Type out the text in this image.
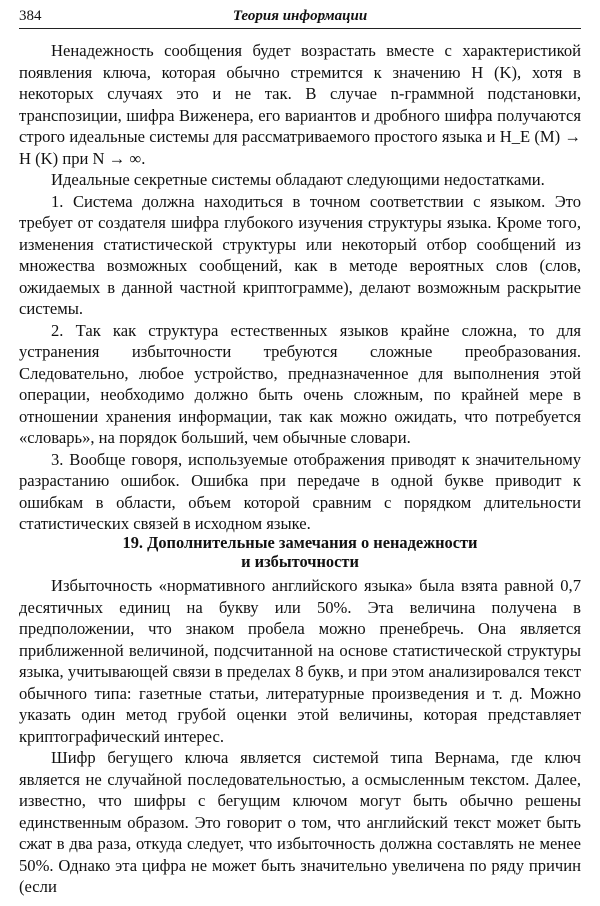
384	Теория информации

Ненадежность сообщения будет возрастать вместе с характеристикой появления ключа, которая обычно стремится к значению H (K), хотя в некоторых случаях это и не так. В случае n-граммной подстановки, транспозиции, шифра Виженера, его вариантов и дробного шифра получаются строго идеальные системы для рассматриваемого простого языка и H_E (M) → H (K) при N → ∞.

Идеальные секретные системы обладают следующими недостатками.

1. Система должна находиться в точном соответствии с языком. Это требует от создателя шифра глубокого изучения структуры языка. Кроме того, изменения статистической структуры или некоторый отбор сообщений из множества возможных сообщений, как в методе вероятных слов (слов, ожидаемых в данной частной криптограмме), делают возможным раскрытие системы.

2. Так как структура естественных языков крайне сложна, то для устранения избыточности требуются сложные преобразования. Следовательно, любое устройство, предназначенное для выполнения этой операции, необходимо должно быть очень сложным, по крайней мере в отношении хранения информации, так как можно ожидать, что потребуется «словарь», на порядок больший, чем обычные словари.

3. Вообще говоря, используемые отображения приводят к значительному разрастанию ошибок. Ошибка при передаче в одной букве приводит к ошибкам в области, объем которой сравним с порядком длительности статистических связей в исходном языке.

19. Дополнительные замечания о ненадежности
и избыточности

Избыточность «нормативного английского языка» была взята равной 0,7 десятичных единиц на букву или 50%. Эта величина получена в предположении, что знаком пробела можно пренебречь. Она является приближенной величиной, подсчитанной на основе статистической структуры языка, учитывающей связи в пределах 8 букв, и при этом анализировался текст обычного типа: газетные статьи, литературные произведения и т. д. Можно указать один метод грубой оценки этой величины, которая представляет криптографический интерес.

Шифр бегущего ключа является системой типа Вернама, где ключ является не случайной последовательностью, а осмысленным текстом. Далее, известно, что шифры с бегущим ключом могут быть обычно решены единственным образом. Это говорит о том, что английский текст может быть сжат в два раза, откуда следует, что избыточность должна составлять не менее 50%. Однако эта цифра не может быть значительно увеличена по ряду причин (если
